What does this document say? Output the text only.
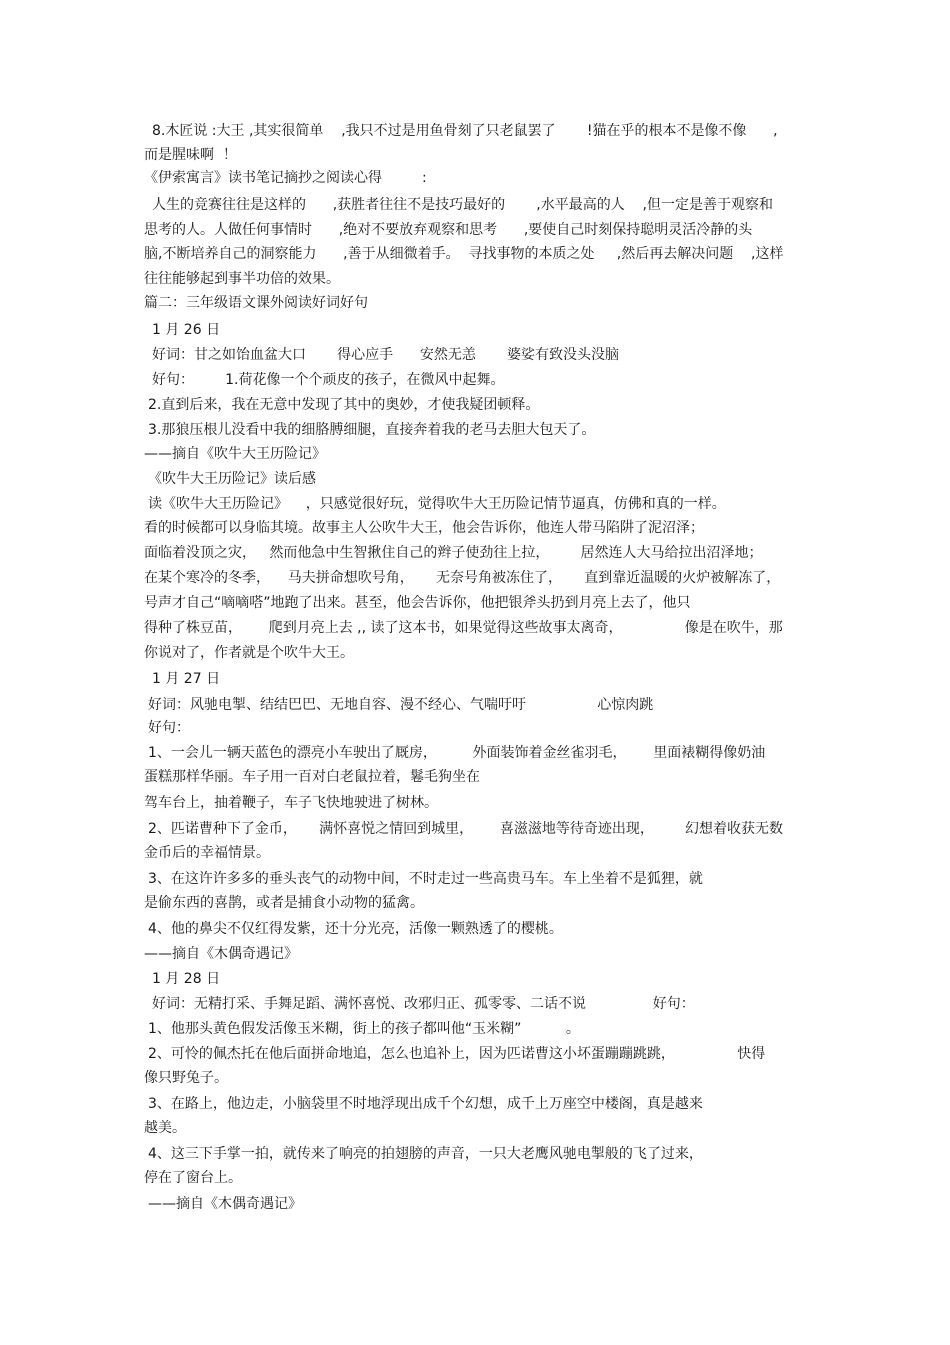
8.木匠说 :大王 ,其实很简单    ,我只不过是用鱼骨刻了只老鼠罢了       !猫在乎的根本不是像不像      ,

而是腥味啊  ！

《伊索寓言》读书笔记摘抄之阅读心得         :

人生的竞赛往往是这样的      ,获胜者往往不是技巧最好的       ,水平最高的人    ,但一定是善于观察和

思考的人。人做任何事情时      ,绝对不要放弃观察和思考      ,要使自己时刻保持聪明灵活冷静的头

脑,不断培养自己的洞察能力      ,善于从细微着手。  寻找事物的本质之处     ,然后再去解决问题    ,这样

往往能够起到事半功倍的效果。

篇二：三年级语文课外阅读好词好句

1 月 26 日

好词：甘之如饴血盆大口       得心应手      安然无恙       婆娑有致没头没脑

好句：       1.荷花像一个个顽皮的孩子，在微风中起舞。

2.直到后来，我在无意中发现了其中的奥妙，才使我疑团顿释。

3.那狼压根儿没看中我的细胳膊细腿，直接奔着我的老马去胆大包天了。

——摘自《吹牛大王历险记》

《吹牛大王历险记》读后感

读《吹牛大王历险记》    ，只感觉很好玩，觉得吹牛大王历险记情节逼真，仿佛和真的一样。

看的时候都可以身临其境。故事主人公吹牛大王，他会告诉你，他连人带马陷阱了泥沼泽；

面临着没顶之灾，   然而他急中生智揪住自己的辫子使劲往上拉，       居然连人大马给拉出沼泽地；

在某个寒冷的冬季，    马夫拼命想吹号角，     无奈号角被冻住了，     直到靠近温暖的火炉被解冻了，

号声才自己“嘀嘀嗒”地跑了出来。甚至，他会告诉你，他把银斧头扔到月亮上去了，他只

得种了株豆苗，      爬到月亮上去 ,, 读了这本书，如果觉得这些故事太离奇，              像是在吹牛，那

你说对了，作者就是个吹牛大王。

1 月 27 日

好词：风驰电掣、结结巴巴、无地自容、漫不经心、气喘吁吁                心惊肉跳

好句：

1、一会儿一辆天蓝色的漂亮小车驶出了厩房，        外面装饰着金丝雀羽毛，      里面裱糊得像奶油

蛋糕那样华丽。车子用一百对白老鼠拉着，鬈毛狗坐在

驾车台上，抽着鞭子，车子飞快地驶进了树林。

2、匹诺曹种下了金币，     满怀喜悦之情回到城里，      喜滋滋地等待奇迹出现，       幻想着收获无数

金币后的幸福情景。

3、在这许许多多的垂头丧气的动物中间，不时走过一些高贵马车。车上坐着不是狐狸，就

是偷东西的喜鹊，或者是捕食小动物的猛禽。

4、他的鼻尖不仅红得发紫，还十分光亮，活像一颗熟透了的樱桃。

——摘自《木偶奇遇记》

1 月 28 日

好词：无精打采、手舞足蹈、满怀喜悦、改邪归正、孤零零、二话不说               好句：

1、他那头黄色假发活像玉米糊，街上的孩子都叫他“玉米糊”          。

2、可怜的佩杰托在他后面拼命地追，怎么也追补上，因为匹诺曹这小坏蛋蹦蹦跳跳，              快得

像只野兔子。

3、在路上，他边走，小脑袋里不时地浮现出成千个幻想，成千上万座空中楼阁，真是越来

越美。

4、这三下手掌一拍，就传来了响亮的拍翅膀的声音，一只大老鹰风驰电掣般的飞了过来，

停在了窗台上。

——摘自《木偶奇遇记》
